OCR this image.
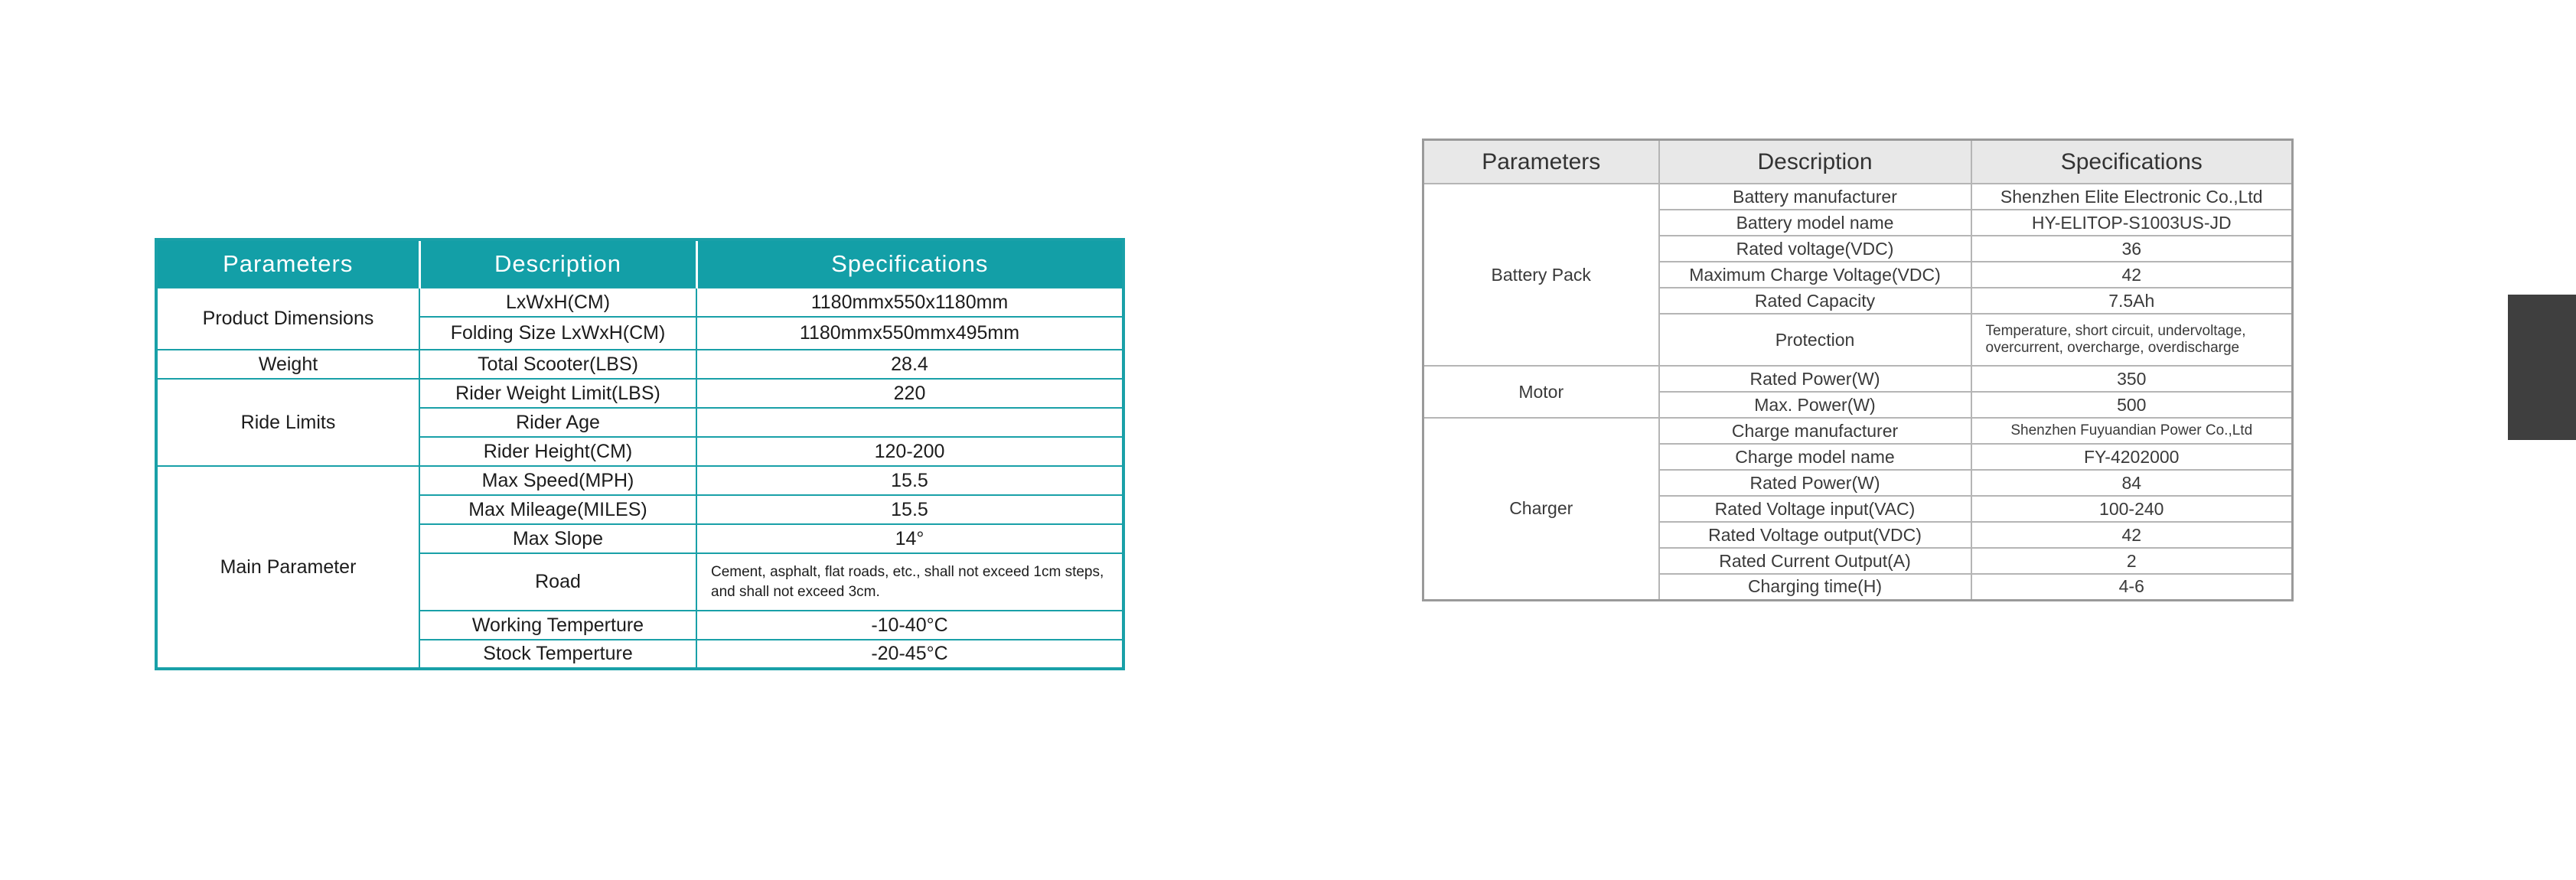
Parameters	Description	Specifications
Product Dimensions	LxWxH(CM)	1180mmx550x1180mm
	Folding Size LxWxH(CM)	1180mmx550mmx495mm
Weight	Total Scooter(LBS)	28.4
Ride Limits	Rider Weight Limit(LBS)	220
	Rider Age	
	Rider Height(CM)	120-200
Main Parameter	Max Speed(MPH)	15.5
	Max Mileage(MILES)	15.5
	Max Slope	14°
	Road	Cement, asphalt, flat roads, etc., shall not exceed 1cm steps, and shall not exceed 3cm.
	Working Temperture	-10-40°C
	Stock Temperture	-20-45°C
Parameters	Description	Specifications
Battery Pack	Battery manufacturer	Shenzhen Elite Electronic Co.,Ltd
	Battery model name	HY-ELITOP-S1003US-JD
	Rated voltage(VDC)	36
	Maximum Charge Voltage(VDC)	42
	Rated Capacity	7.5Ah
	Protection	Temperature, short circuit, undervoltage, overcurrent, overcharge, overdischarge
Motor	Rated Power(W)	350
	Max. Power(W)	500
Charger	Charge manufacturer	Shenzhen Fuyuandian Power Co.,Ltd
	Charge model name	FY-4202000
	Rated Power(W)	84
	Rated Voltage input(VAC)	100-240
	Rated Voltage output(VDC)	42
	Rated Current Output(A)	2
	Charging time(H)	4-6
